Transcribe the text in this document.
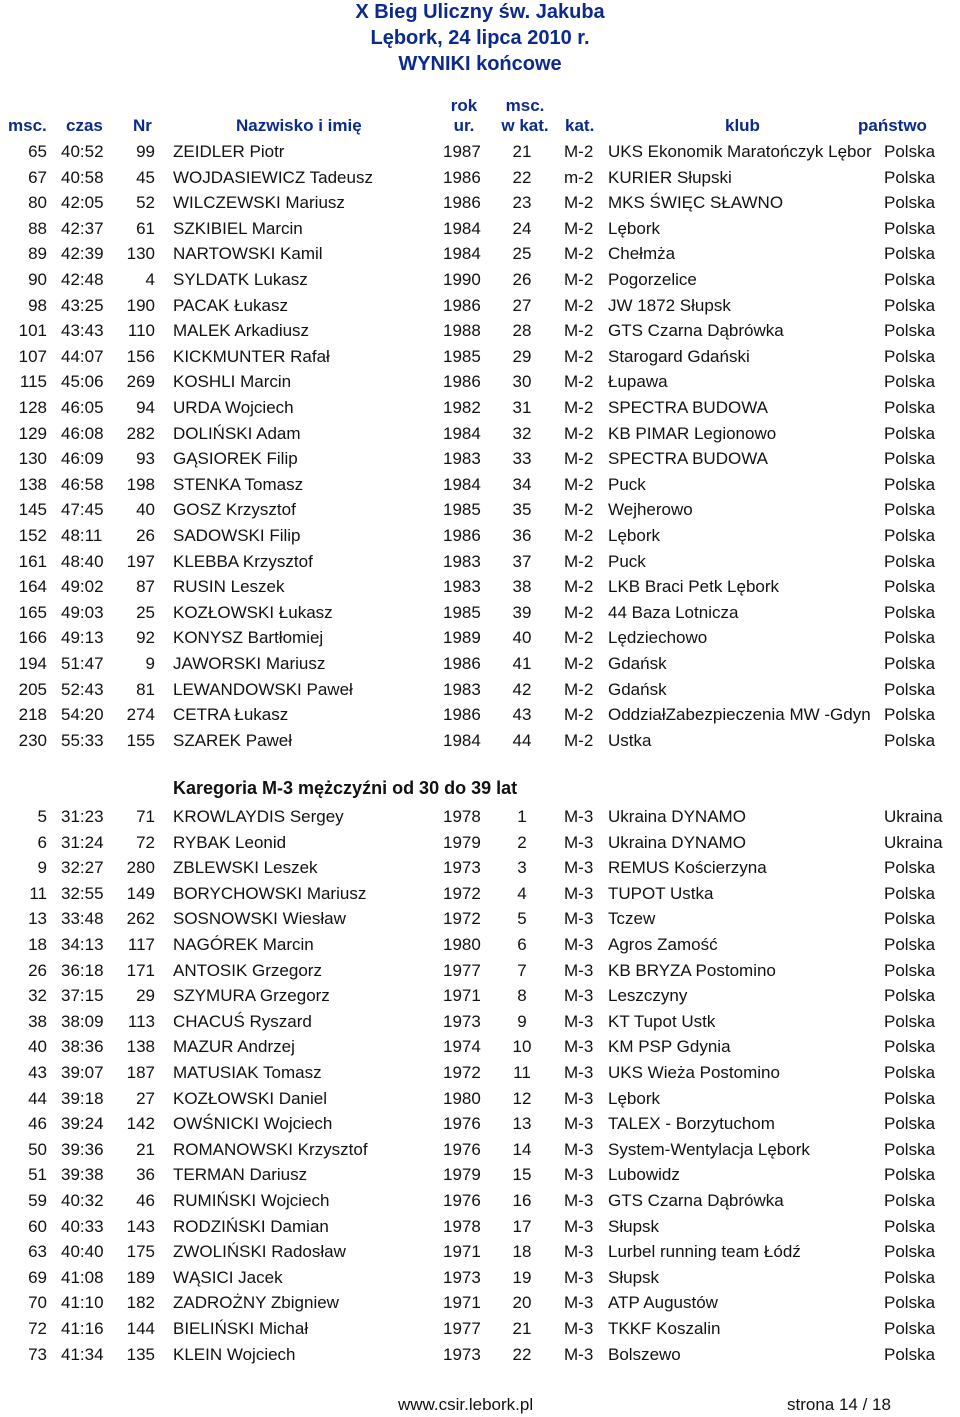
X Bieg Uliczny św. Jakuba
Lębork, 24 lipca 2010 r.
WYNIKI końcowe
rok	msc.
msc. czas Nr	Nazwisko i imię	ur.	w kat. kat.	klub	państwo
65 40:52	99 ZEIDLER Piotr	1987	21	M-2 UKS Ekonomik Maratończyk Lębor Polska
67 40:58	45 WOJDASIEWICZ Tadeusz	1986	22	m-2 KURIER Słupski	Polska
80 42:05	52 WILCZEWSKI Mariusz	1986	23	M-2 MKS ŚWIĘC SŁAWNO	Polska
88 42:37	61 SZKIBIEL Marcin	1984	24	M-2 Lębork	Polska
89 42:39	130 NARTOWSKI Kamil	1984	25	M-2 Chełmża	Polska
90 42:48	4 SYLDATK Lukasz	1990	26	M-2 Pogorzelice	Polska
98 43:25	190 PACAK Łukasz	1986	27	M-2 JW 1872 Słupsk	Polska
101 43:43	110 MALEK Arkadiusz	1988	28	M-2 GTS Czarna Dąbrówka	Polska
107 44:07	156 KICKMUNTER Rafał	1985	29	M-2 Starogard Gdański	Polska
115 45:06	269 KOSHLI Marcin	1986	30	M-2 Łupawa	Polska
128 46:05	94 URDA Wojciech	1982	31	M-2 SPECTRA BUDOWA	Polska
129 46:08	282 DOLIŃSKI Adam	1984	32	M-2 KB PIMAR Legionowo	Polska
130 46:09	93 GĄSIOREK Filip	1983	33	M-2 SPECTRA BUDOWA	Polska
138 46:58	198 STENKA Tomasz	1984	34	M-2 Puck	Polska
145 47:45	40 GOSZ Krzysztof	1985	35	M-2 Wejherowo	Polska
152 48:11	26 SADOWSKI Filip	1986	36	M-2 Lębork	Polska
161 48:40	197 KLEBBA Krzysztof	1983	37	M-2 Puck	Polska
164 49:02	87 RUSIN Leszek	1983	38	M-2 LKB Braci Petk Lębork	Polska
165 49:03	25 KOZŁOWSKI Łukasz	1985	39	M-2 44 Baza Lotnicza	Polska
166 49:13	92 KONYSZ Bartłomiej	1989	40	M-2 Lędziechowo	Polska
194 51:47	9 JAWORSKI Mariusz	1986	41	M-2 Gdańsk	Polska
205 52:43	81 LEWANDOWSKI Paweł	1983	42	M-2 Gdańsk	Polska
218 54:20	274 CETRA Łukasz	1986	43	M-2 OddziałZabezpieczenia MW -Gdyn Polska
230 55:33	155 SZAREK Paweł	1984	44	M-2 Ustka	Polska
Karegoria M-3 mężczyźni od 30 do 39 lat
5 31:23	71 KROWLAYDIS Sergey	1978	1	M-3 Ukraina DYNAMO	Ukraina
6 31:24	72 RYBAK Leonid	1979	2	M-3 Ukraina DYNAMO	Ukraina
9 32:27	280 ZBLEWSKI Leszek	1973	3	M-3 REMUS Kościerzyna	Polska
11 32:55	149 BORYCHOWSKI Mariusz	1972	4	M-3 TUPOT Ustka	Polska
13 33:48	262 SOSNOWSKI Wiesław	1972	5	M-3 Tczew	Polska
18 34:13	117 NAGÓREK Marcin	1980	6	M-3 Agros Zamość	Polska
26 36:18	171 ANTOSIK Grzegorz	1977	7	M-3 KB BRYZA Postomino	Polska
32 37:15	29 SZYMURA Grzegorz	1971	8	M-3 Leszczyny	Polska
38 38:09	113 CHACUŚ Ryszard	1973	9	M-3 KT Tupot Ustk	Polska
40 38:36	138 MAZUR Andrzej	1974	10	M-3 KM PSP Gdynia	Polska
43 39:07	187 MATUSIAK Tomasz	1972	11	M-3 UKS Wieża Postomino	Polska
44 39:18	27 KOZŁOWSKI Daniel	1980	12	M-3 Lębork	Polska
46 39:24	142 OWŚNICKI Wojciech	1976	13	M-3 TALEX - Borzytuchom	Polska
50 39:36	21 ROMANOWSKI Krzysztof	1976	14	M-3 System-Wentylacja Lębork	Polska
51 39:38	36 TERMAN Dariusz	1979	15	M-3 Lubowidz	Polska
59 40:32	46 RUMIŃSKI Wojciech	1976	16	M-3 GTS Czarna Dąbrówka	Polska
60 40:33	143 RODZIŃSKI Damian	1978	17	M-3 Słupsk	Polska
63 40:40	175 ZWOLIŃSKI Radosław	1971	18	M-3 Lurbel running team Łódź	Polska
69 41:08	189 WĄSICI Jacek	1973	19	M-3 Słupsk	Polska
70 41:10	182 ZADROŻNY Zbigniew	1971	20	M-3 ATP Augustów	Polska
72 41:16	144 BIELIŃSKI Michał	1977	21	M-3 TKKF Koszalin	Polska
73 41:34	135 KLEIN Wojciech	1973	22	M-3 Bolszewo	Polska
www.csir.lebork.pl	strona 14 / 18
